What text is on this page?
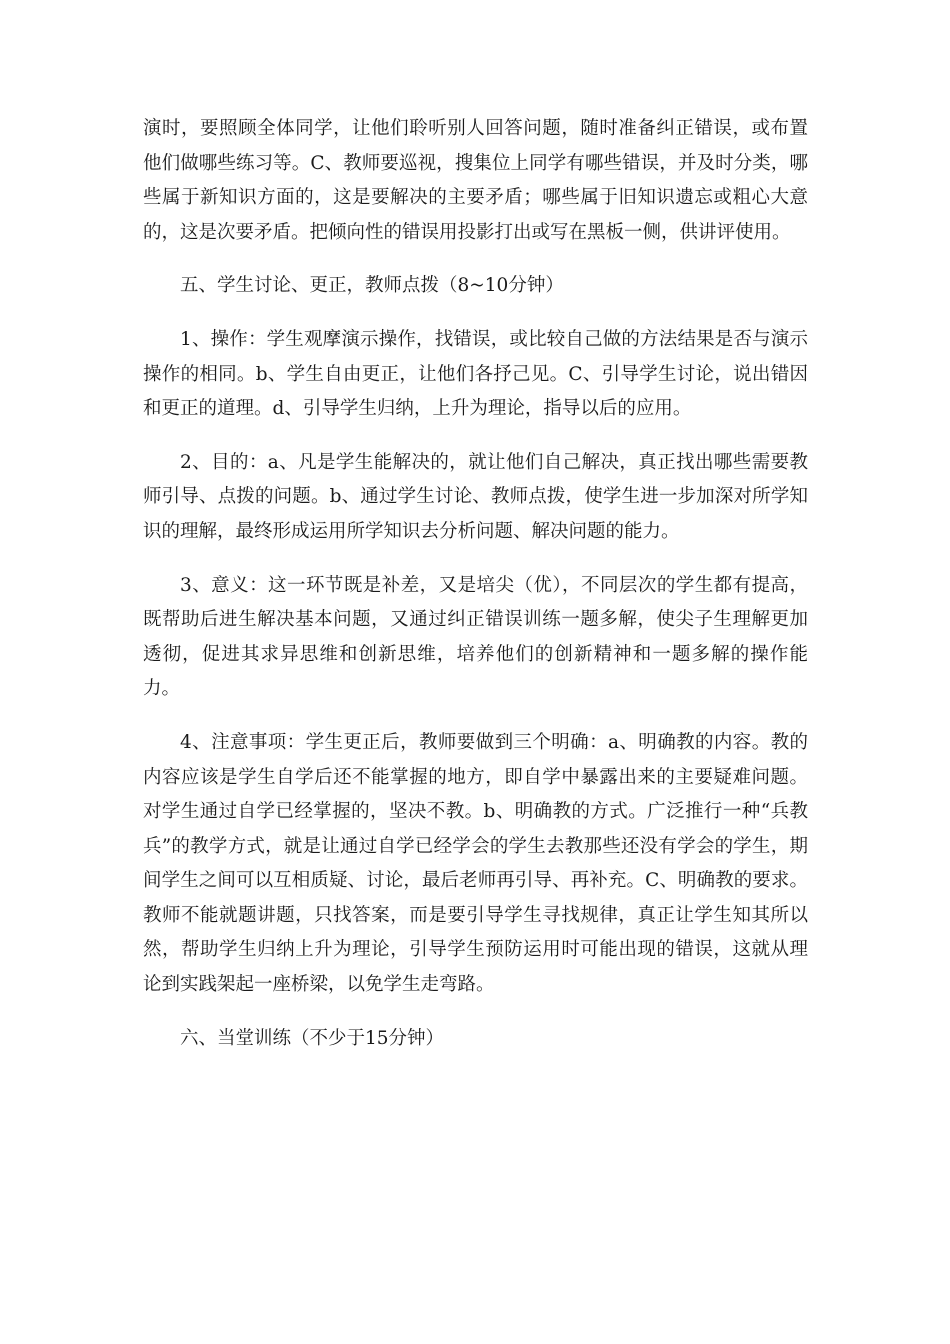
演时，要照顾全体同学，让他们聆听别人回答问题，随时准备纠正错误，或布置他们做哪些练习等。C、教师要巡视，搜集位上同学有哪些错误，并及时分类，哪些属于新知识方面的，这是要解决的主要矛盾；哪些属于旧知识遗忘或粗心大意的，这是次要矛盾。把倾向性的错误用投影打出或写在黑板一侧，供讲评使用。

五、学生讨论、更正，教师点拨（8~10分钟）

1、操作：学生观摩演示操作，找错误，或比较自己做的方法结果是否与演示操作的相同。b、学生自由更正，让他们各抒己见。C、引导学生讨论，说出错因和更正的道理。d、引导学生归纳，上升为理论，指导以后的应用。

2、目的：a、凡是学生能解决的，就让他们自己解决，真正找出哪些需要教师引导、点拨的问题。b、通过学生讨论、教师点拨，使学生进一步加深对所学知识的理解，最终形成运用所学知识去分析问题、解决问题的能力。

3、意义：这一环节既是补差，又是培尖（优），不同层次的学生都有提高，既帮助后进生解决基本问题，又通过纠正错误训练一题多解，使尖子生理解更加透彻，促进其求异思维和创新思维，培养他们的创新精神和一题多解的操作能力。

4、注意事项：学生更正后，教师要做到三个明确：a、明确教的内容。教的内容应该是学生自学后还不能掌握的地方，即自学中暴露出来的主要疑难问题。对学生通过自学已经掌握的，坚决不教。b、明确教的方式。广泛推行一种“兵教兵”的教学方式，就是让通过自学已经学会的学生去教那些还没有学会的学生，期间学生之间可以互相质疑、讨论，最后老师再引导、再补充。C、明确教的要求。教师不能就题讲题，只找答案，而是要引导学生寻找规律，真正让学生知其所以然，帮助学生归纳上升为理论，引导学生预防运用时可能出现的错误，这就从理论到实践架起一座桥梁，以免学生走弯路。

六、当堂训练（不少于15分钟）
